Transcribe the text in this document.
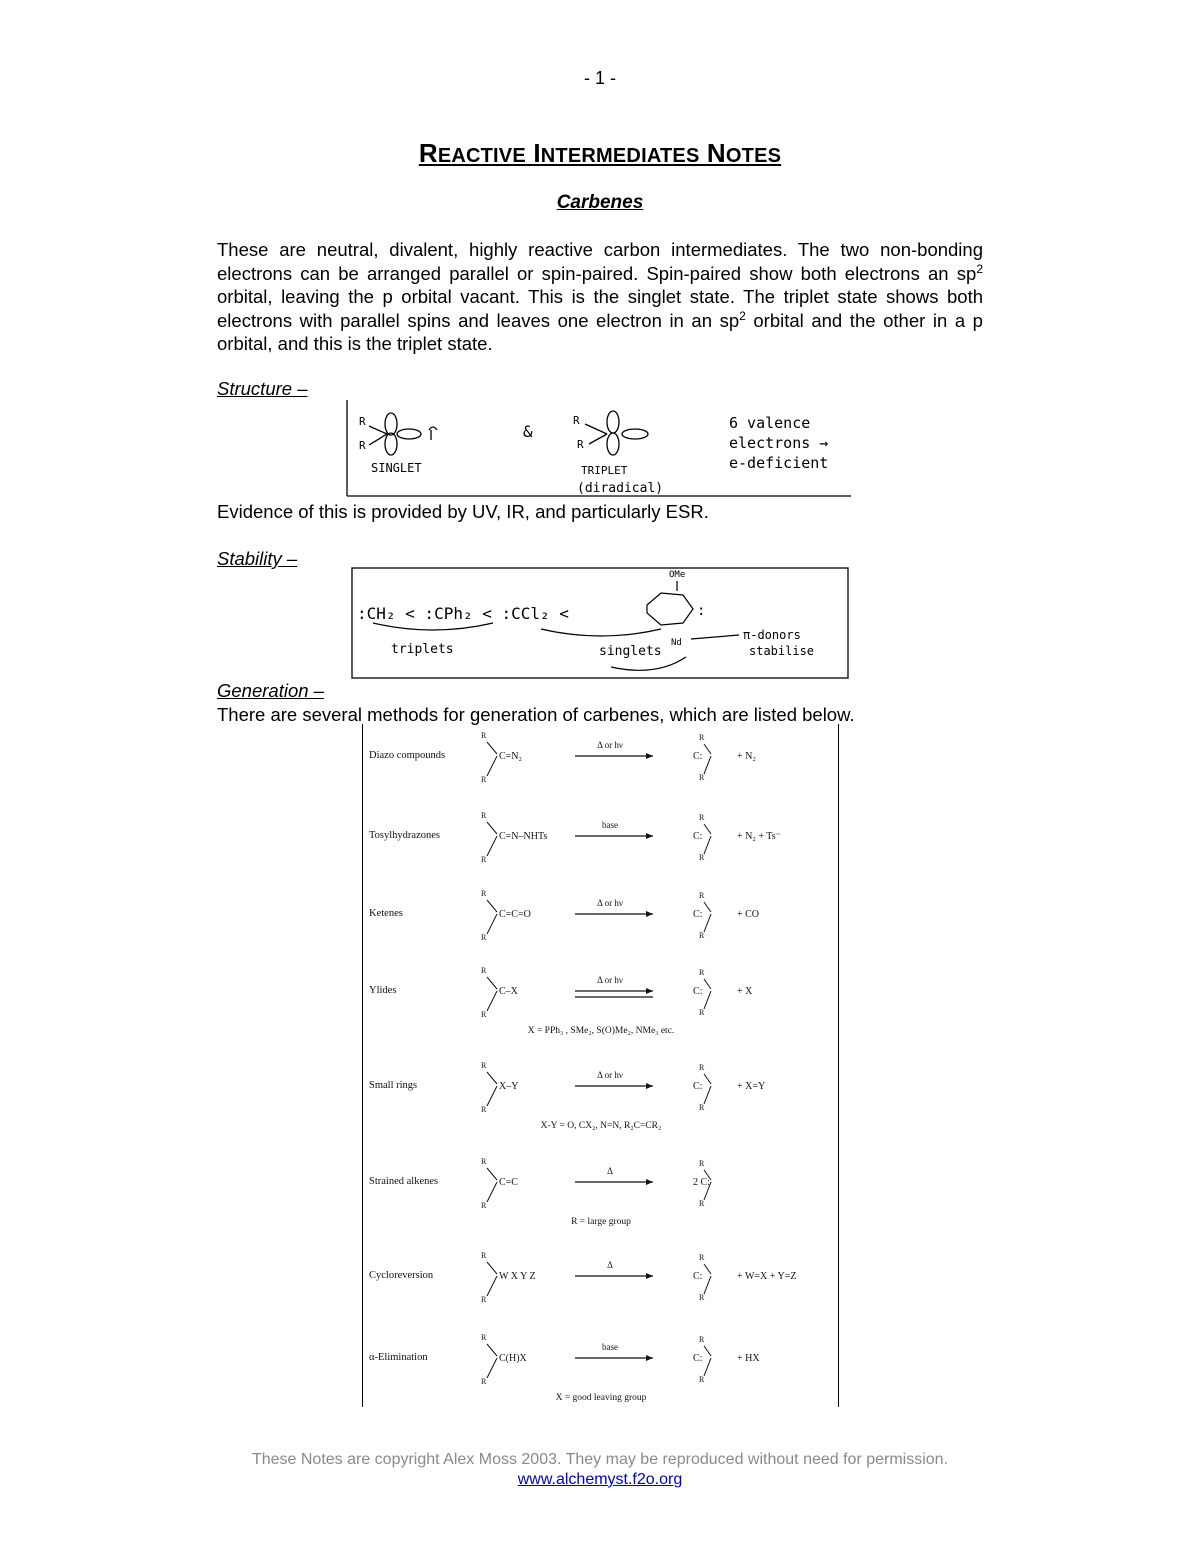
- 1 -
REACTIVE INTERMEDIATES NOTES
Carbenes
These are neutral, divalent, highly reactive carbon intermediates. The two non-bonding electrons can be arranged parallel or spin-paired. Spin-paired show both electrons an $sp^2$ orbital, leaving the p orbital vacant. This is the singlet state. The triplet state shows both electrons with parallel spins and leaves one electron in an $sp^2$ orbital and the other in a p orbital, and this is the triplet state.
Structure –
R
R
SINGLET
&
R
R
TRIPLET
(diradical)
6 valence
electrons →
e-deficient
Evidence of this is provided by UV, IR, and particularly ESR.
Stability –
:CH₂ < :CPh₂ < :CCl₂ <
OMe
:
Nd
triplets	singlets
π-donors
stabilise
Generation –
There are several methods for generation of carbenes, which are listed below.
Diazo compounds
R
R
C=N₂
Δ or hν
R
R
C:	+ N₂
Tosylhydrazones
R
R
C=N–NHTs
base
R
R
C:	+ N₂ + Ts⁻
Ketenes
R
R
C=C=O
Δ or hν
R
R
C:	+ CO
Ylides
R
R
C–X
Δ or hν
R
R
C:	+ X
X = PPh₃ , SMe₂, S(O)Me₂, NMe₃ etc.
Small rings
R
R
X–Y
Δ or hν
R
R
C:	+ X=Y
X-Y = O, CX₂, N=N, R₂C=CR₂
Strained alkenes
R
R
C=C
Δ
R
R
2 C:
R = large group
Cycloreversion
R
R
W X Y Z
Δ
R
R
C:	+ W=X + Y=Z
α-Elimination
R
R
C(H)X
base
R
R
C:	+ HX
X = good leaving group
These Notes are copyright Alex Moss 2003. They may be reproduced without need for permission.
www.alchemyst.f2o.org
